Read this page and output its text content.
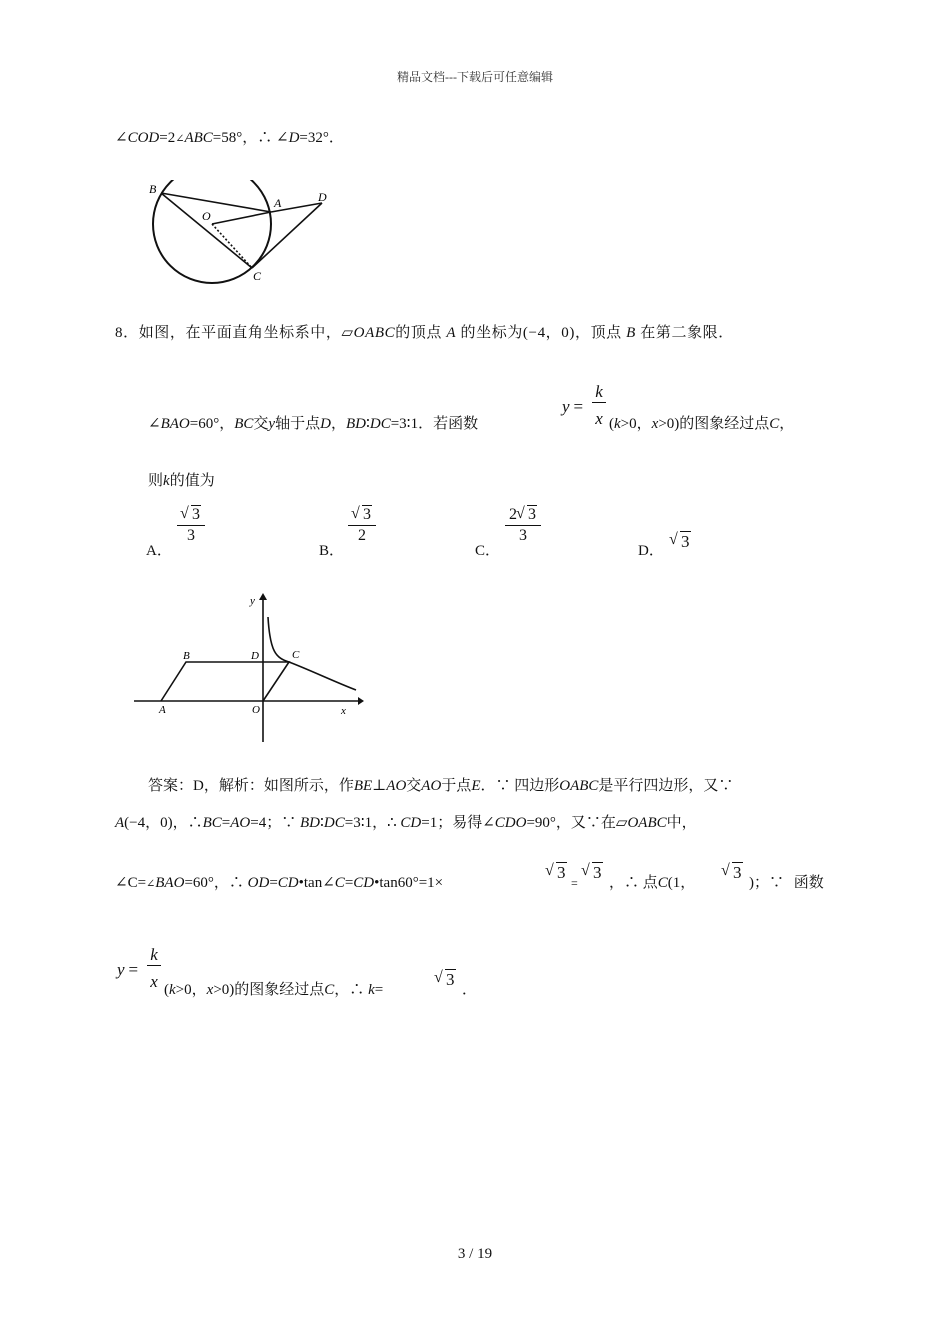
精品文档---下载后可任意编辑
∠COD=2∠ABC=58°，∴ ∠D=32°．
B
O
A	D
C
8．如图，在平面直角坐标系中，▱OABC的顶点 A 的坐标为(−4，0)，顶点 B 在第二象限．
∠BAO=60°，BC交y轴于点D，BD∶DC=3∶1．若函数
y =
k
x (k>0，x>0)的图象经过点C，
则k的值为
A．
√ $\frac{3}{3}$
B．
√ $\frac{3}{2}$
C．
$\frac{2 √ 3}{3}$
D．	√ 3
y
B	D	C
A	O	x
答案：D，解析：如图所示，作BE⊥AO交AO于点E．∵ 四边形OABC是平行四边形，又∵
A(−4，0)，∴BC=AO=4；∵ BD∶DC=3∶1，∴ CD=1；易得∠CDO=90°，又∵在▱OABC中，
∠C=∠BAO=60°，∴ OD=CD•tan∠C=CD•tan60°=1×
√ 3
=
√ 3
，∴ 点C(1，
√ 3
)；∵ 函数
y =
k
x (k>0，x>0)的图象经过点C，∴ k=
√ 3
．
3 / 19
